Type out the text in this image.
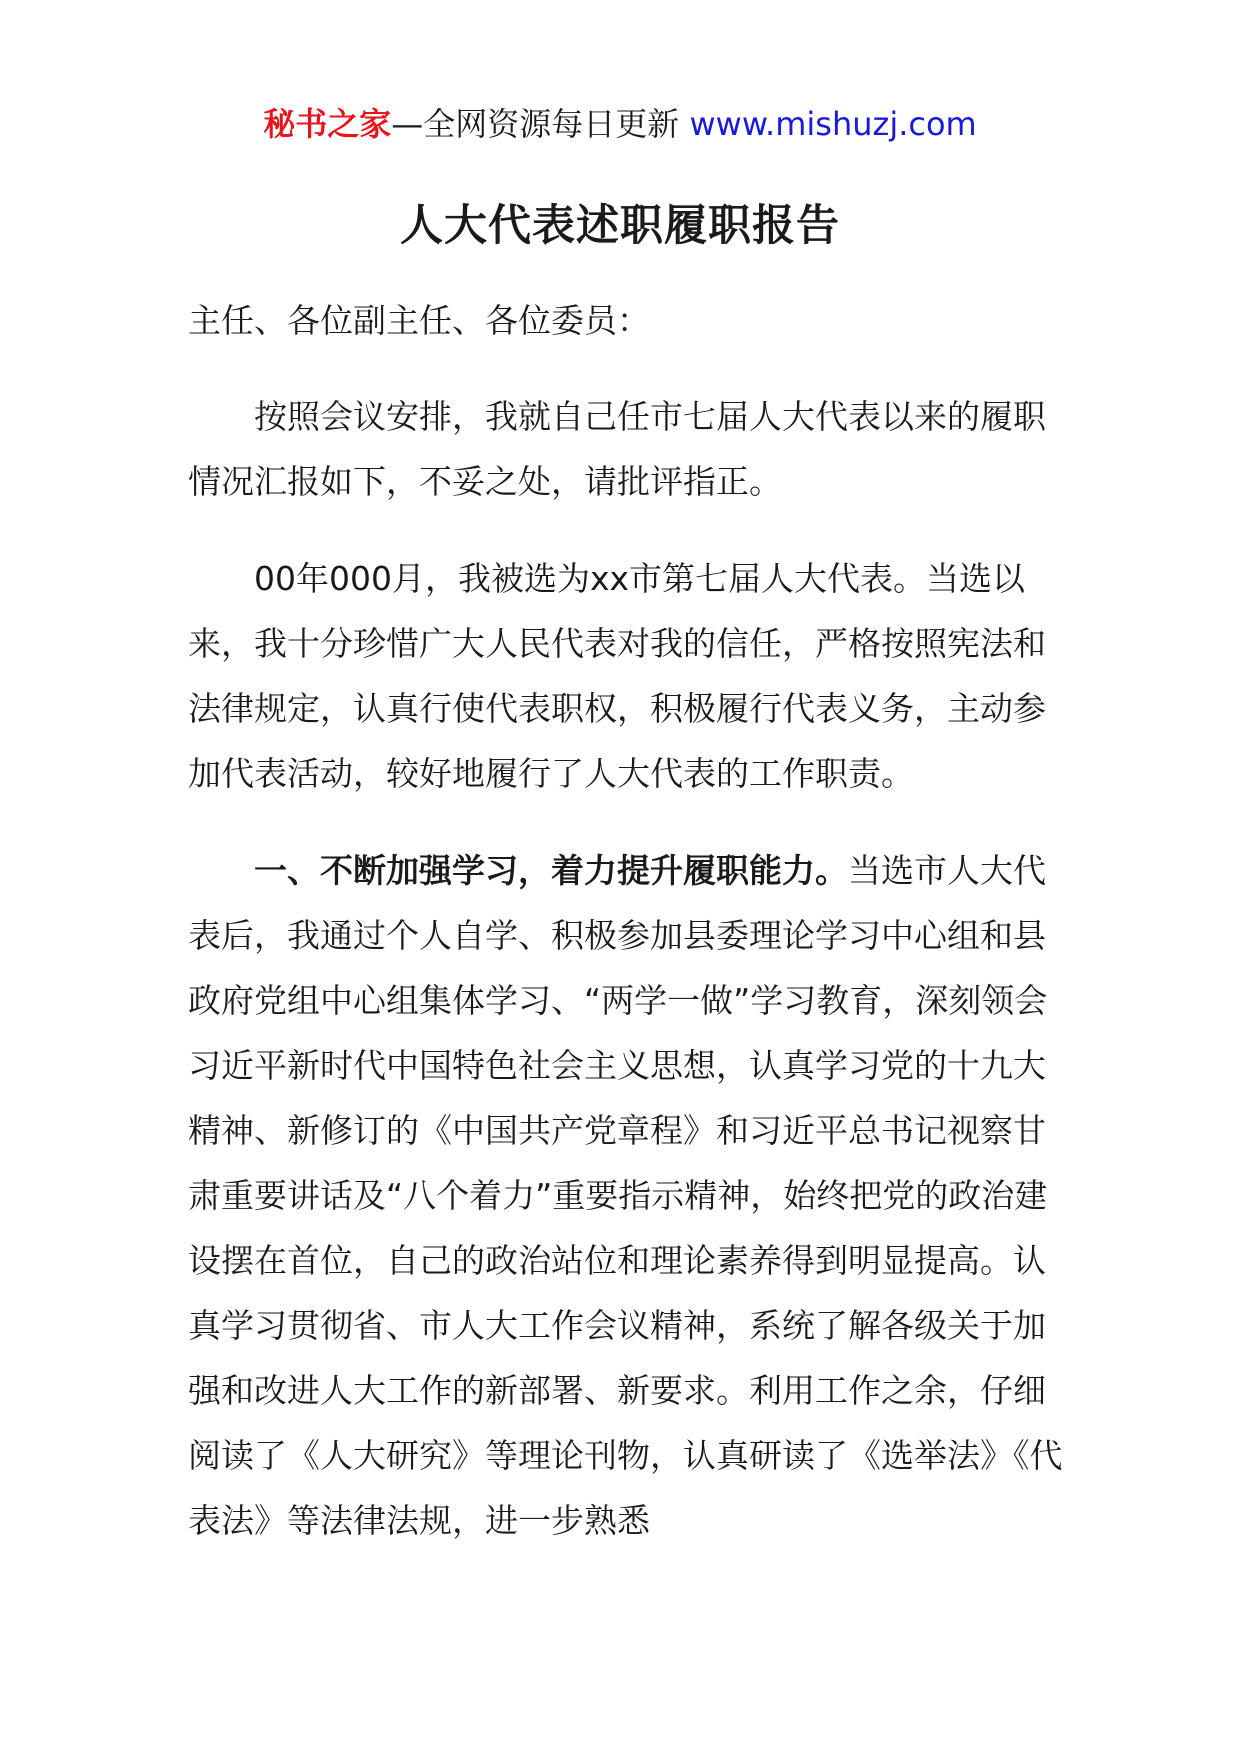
秘书之家—全网资源每日更新 www.mishuzj.com
人大代表述职履职报告
主任、各位副主任、各位委员：

按照会议安排，我就自己任市七届人大代表以来的履职情况汇报如下，不妥之处，请批评指正。

00年000月，我被选为xx市第七届人大代表。当选以来，我十分珍惜广大人民代表对我的信任，严格按照宪法和法律规定，认真行使代表职权，积极履行代表义务，主动参加代表活动，较好地履行了人大代表的工作职责。

一、不断加强学习，着力提升履职能力。当选市人大代表后，我通过个人自学、积极参加县委理论学习中心组和县政府党组中心组集体学习、“两学一做”学习教育，深刻领会习近平新时代中国特色社会主义思想，认真学习党的十九大精神、新修订的《中国共产党章程》和习近平总书记视察甘肃重要讲话及“八个着力”重要指示精神，始终把党的政治建设摆在首位，自己的政治站位和理论素养得到明显提高。认真学习贯彻省、市人大工作会议精神，系统了解各级关于加强和改进人大工作的新部署、新要求。利用工作之余，仔细阅读了《人大研究》等理论刊物，认真研读了《选举法》《代表法》等法律法规，进一步熟悉
